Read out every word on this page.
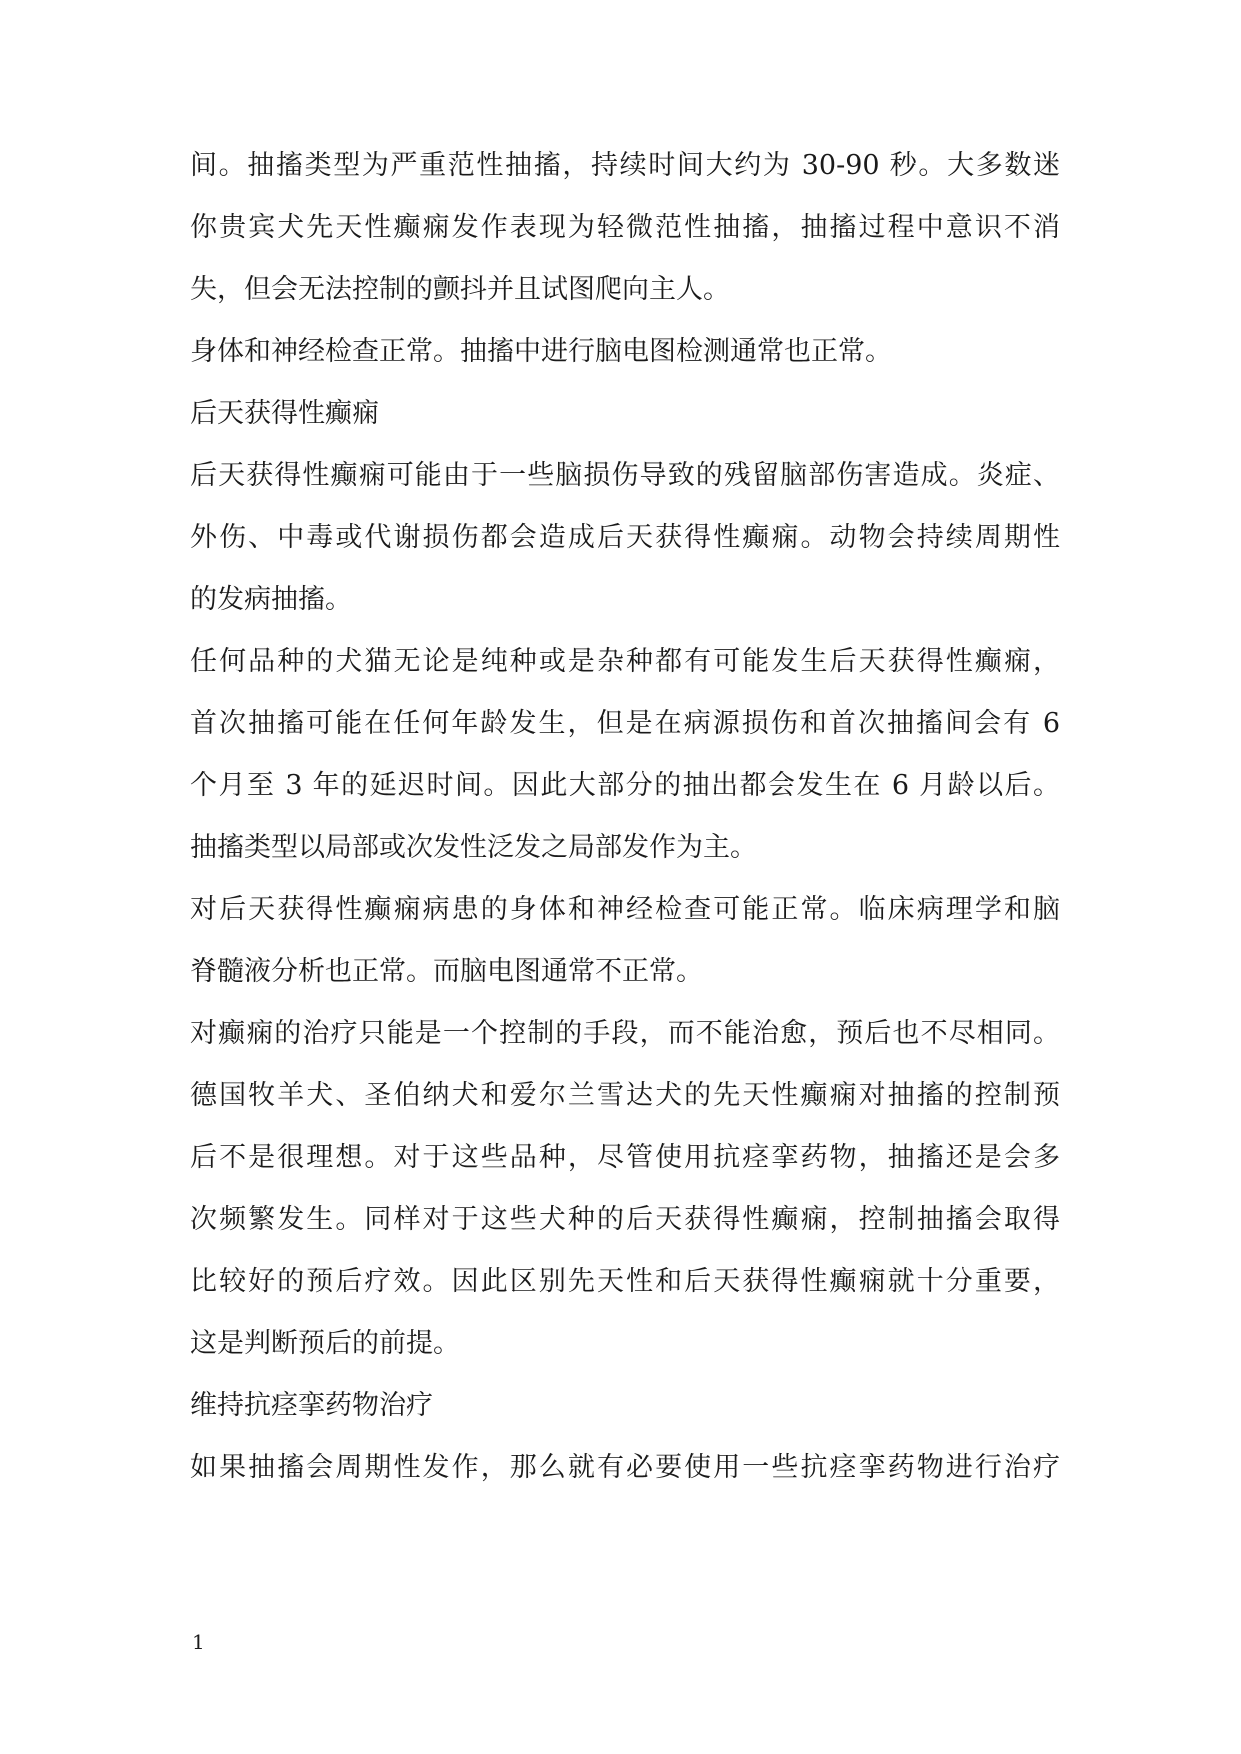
间。抽搐类型为严重范性抽搐，持续时间大约为 30-90 秒。大多数迷
你贵宾犬先天性癫痫发作表现为轻微范性抽搐，抽搐过程中意识不消
失，但会无法控制的颤抖并且试图爬向主人。
身体和神经检查正常。抽搐中进行脑电图检测通常也正常。
后天获得性癫痫
后天获得性癫痫可能由于一些脑损伤导致的残留脑部伤害造成。炎症、
外伤、中毒或代谢损伤都会造成后天获得性癫痫。动物会持续周期性
的发病抽搐。
任何品种的犬猫无论是纯种或是杂种都有可能发生后天获得性癫痫，
首次抽搐可能在任何年龄发生，但是在病源损伤和首次抽搐间会有 6
个月至 3 年的延迟时间。因此大部分的抽出都会发生在 6 月龄以后。
抽搐类型以局部或次发性泛发之局部发作为主。
对后天获得性癫痫病患的身体和神经检查可能正常。临床病理学和脑
脊髓液分析也正常。而脑电图通常不正常。
对癫痫的治疗只能是一个控制的手段，而不能治愈，预后也不尽相同。
德国牧羊犬、圣伯纳犬和爱尔兰雪达犬的先天性癫痫对抽搐的控制预
后不是很理想。对于这些品种，尽管使用抗痉挛药物，抽搐还是会多
次频繁发生。同样对于这些犬种的后天获得性癫痫，控制抽搐会取得
比较好的预后疗效。因此区别先天性和后天获得性癫痫就十分重要，
这是判断预后的前提。
维持抗痉挛药物治疗
如果抽搐会周期性发作，那么就有必要使用一些抗痉挛药物进行治疗
1
